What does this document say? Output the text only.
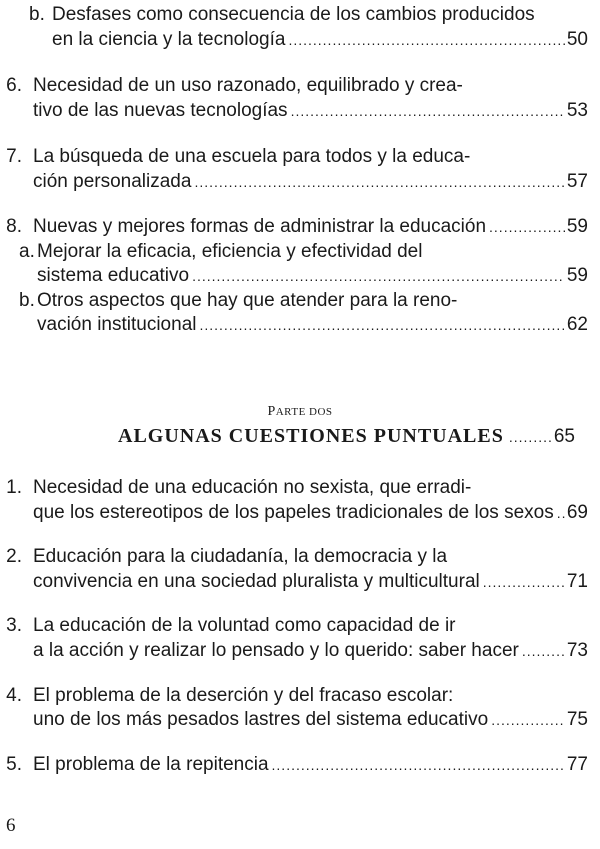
b. Desfases como consecuencia de los cambios producidos
en la ciencia y la tecnología .....	50
6. Necesidad de un uso razonado, equilibrado y crea-
tivo de las nuevas tecnologías .....	53
7. La búsqueda de una escuela para todos y la educa-
ción personalizada .....	57
8. Nuevas y mejores formas de administrar la educación .....	59
a. Mejorar la eficacia, eficiencia y efectividad del
sistema educativo .....	59
b. Otros aspectos que hay que atender para la reno-
vación institucional .....	62
PARTE DOS
ALGUNAS CUESTIONES PUNTUALES .....	65
1. Necesidad de una educación no sexista, que erradi-
que los estereotipos de los papeles tradicionales de los sexos ..... 69
2. Educación para la ciudadanía, la democracia y la
convivencia en una sociedad pluralista y multicultural .....	71
3. La educación de la voluntad como capacidad de ir
a la acción y realizar lo pensado y lo querido: saber hacer .....	73
4. El problema de la deserción y del fracaso escolar:
uno de los más pesados lastres del sistema educativo .....	75
5. El problema de la repitencia .....	77
6
